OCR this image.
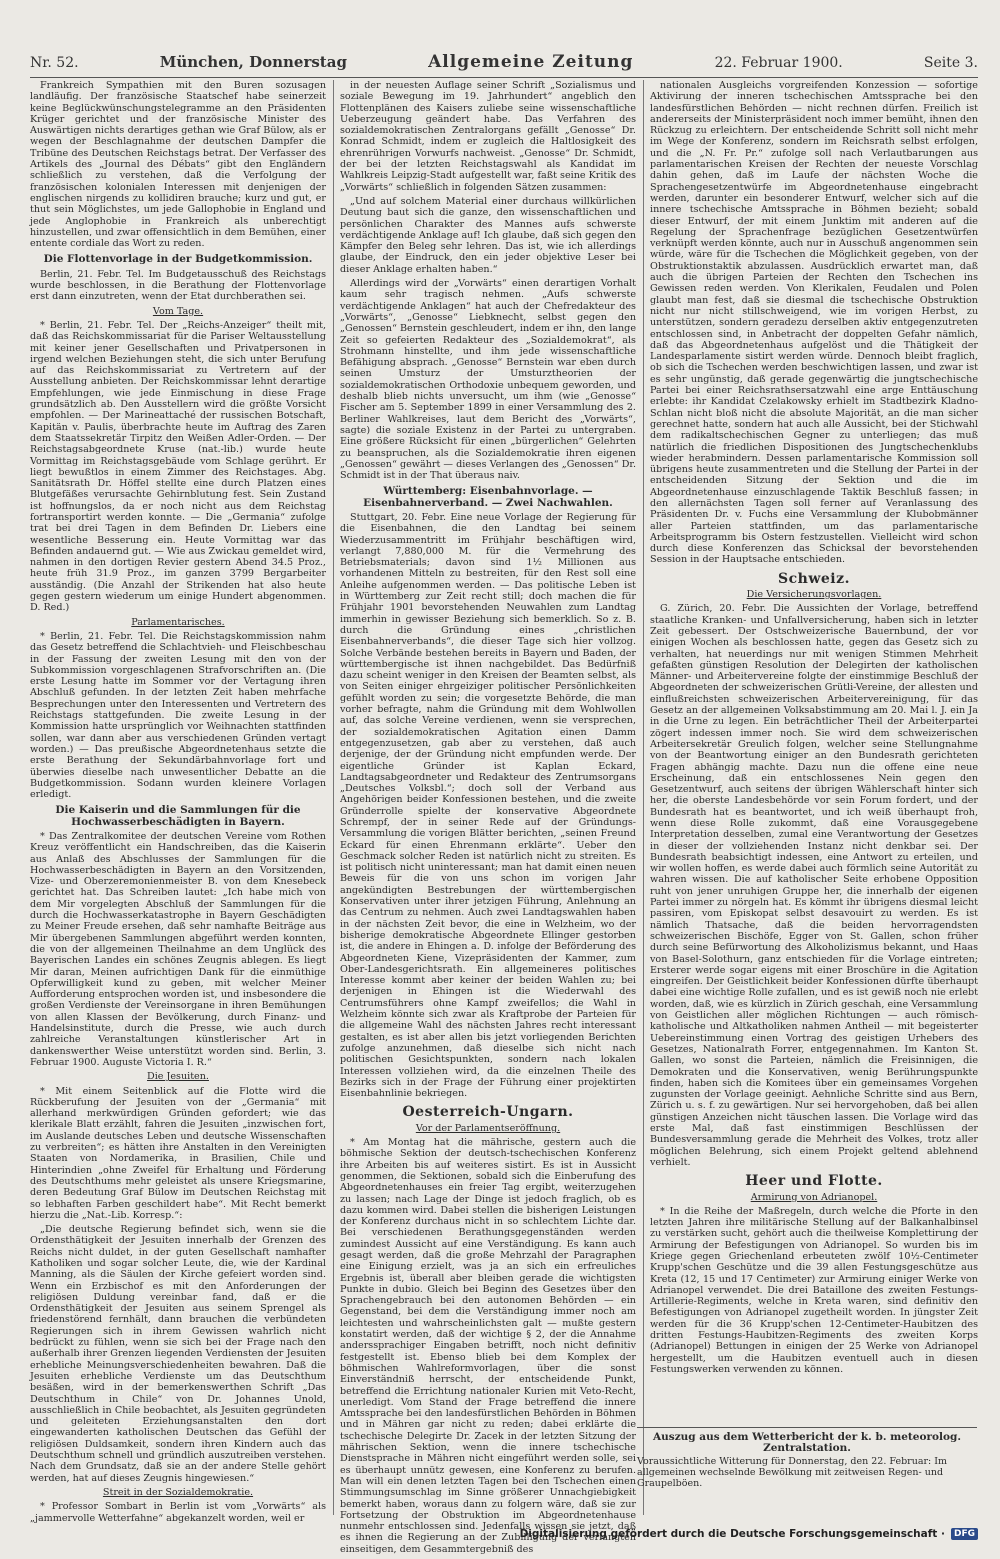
Nr. 52.	München, Donnerstag	Allgemeine Zeitung	22. Februar 1900.	Seite 3.

Frankreich Sympathien mit den Buren sozusagen landläufig. Der französische Staatschef habe seinerzeit keine Beglückwünschungstelegramme an den Präsidenten Krüger gerichtet und der französische Minister des Auswärtigen nichts derartiges gethan wie Graf Bülow, als er wegen der Beschlagnahme der deutschen Dampfer die Tribüne des Deutschen Reichstags betrat. Der Verfasser des Artikels des „Journal des Débats“ gibt den Engländern schließlich zu verstehen, daß die Verfolgung der französischen kolonialen Interessen mit denjenigen der englischen nirgends zu kollidiren brauche; kurz und gut, er thut sein Möglichstes, um jede Gallophobie in England und jede Anglophobie in Frankreich als unberechtigt hinzustellen, und zwar offensichtlich in dem Bemühen, einer entente cordiale das Wort zu reden.

Die Flottenvorlage in der Budgetkommission.

Berlin, 21. Febr. Tel. Im Budgetausschuß des Reichstags wurde beschlossen, in die Berathung der Flottenvorlage erst dann einzutreten, wenn der Etat durchberathen sei.

Vom Tage.

* Berlin, 21. Febr. Tel. Der „Reichs-Anzeiger“ theilt mit, daß das Reichskommissariat für die Pariser Weltausstellung mit keiner jener Gesellschaften und Privatpersonen in irgend welchen Beziehungen steht, die sich unter Berufung auf das Reichskommissariat zu Vertretern auf der Ausstellung anbieten. Der Reichskommissar lehnt derartige Empfehlungen, wie jede Einmischung in diese Frage grundsätzlich ab. Den Ausstellern wird die größte Vorsicht empfohlen. — Der Marineattaché der russischen Botschaft, Kapitän v. Paulis, überbrachte heute im Auftrag des Zaren dem Staatssekretär Tirpitz den Weißen Adler-Orden. — Der Reichstagsabgeordnete Kruse (nat.-lib.) wurde heute Vormittag im Reichstagsgebäude vom Schlage gerührt. Er liegt bewußtlos in einem Zimmer des Reichstages. Abg. Sanitätsrath Dr. Höffel stellte eine durch Platzen eines Blutgefäßes verursachte Gehirnblutung fest. Sein Zustand ist hoffnungslos, da er noch nicht aus dem Reichstag fortransportirt werden konnte. — Die „Germania“ zufolge trat bei drei Tagen in dem Befinden Dr. Liebers eine wesentliche Besserung ein. Heute Vormittag war das Befinden andauernd gut. — Wie aus Zwickau gemeldet wird, nahmen in den dortigen Revier gestern Abend 34.5 Proz., heute früh 31.9 Proz., im ganzen 3799 Bergarbeiter ausständig. (Die Anzahl der Strikenden hat also heute gegen gestern wiederum um einige Hundert abgenommen. D. Red.)

Parlamentarisches.

* Berlin, 21. Febr. Tel. Die Reichstagskommission nahm das Gesetz betreffend die Schlachtvieh- und Fleischbeschau in der Fassung der zweiten Lesung mit den von der Subkommission vorgeschlagenen Strafvorschriften an. (Die erste Lesung hatte im Sommer vor der Vertagung ihren Abschluß gefunden. In der letzten Zeit haben mehrfache Besprechungen unter den Interessenten und Vertretern des Reichstags stattgefunden. Die zweite Lesung in der Kommission hatte ursprünglich vor Weihnachten stattfinden sollen, war dann aber aus verschiedenen Gründen vertagt worden.) — Das preußische Abgeordnetenhaus setzte die erste Berathung der Sekundärbahnvorlage fort und überwies dieselbe nach unwesentlicher Debatte an die Budgetkommission. Sodann wurden kleinere Vorlagen erledigt.

Die Kaiserin und die Sammlungen für die Hochwasserbeschädigten in Bayern.

* Das Zentralkomitee der deutschen Vereine vom Rothen Kreuz veröffentlicht ein Handschreiben, das die Kaiserin aus Anlaß des Abschlusses der Sammlungen für die Hochwasserbeschädigten in Bayern an den Vorsitzenden, Vize- und Oberzeremonienmeister B. von dem Knesebeck gerichtet hat. Das Schreiben lautet: „Ich habe mich von dem Mir vorgelegten Abschluß der Sammlungen für die durch die Hochwasserkatastrophe in Bayern Geschädigten zu Meiner Freude ersehen, daß sehr namhafte Beiträge aus Mir übergebenen Sammlungen abgeführt werden konnten, die von der allgemeinen Theilnahme an dem Unglück des Bayerischen Landes ein schönes Zeugnis ablegen. Es liegt Mir daran, Meinen aufrichtigen Dank für die einmüthige Opferwilligkeit kund zu geben, mit welcher Meiner Aufforderung entsprochen worden ist, und insbesondere die großen Verdienste der Vereinsorgane in ihren Bemühungen von allen Klassen der Bevölkerung, durch Finanz- und Handelsinstitute, durch die Presse, wie auch durch zahlreiche Veranstaltungen künstlerischer Art in dankenswerther Weise unterstützt worden sind. Berlin, 3. Februar 1900. Auguste Victoria I. R.“

Die Jesuiten.

* Mit einem Seitenblick auf die Flotte wird die Rückberufung der Jesuiten von der „Germania“ mit allerhand merkwürdigen Gründen gefordert; wie das klerikale Blatt erzählt, fahren die Jesuiten „inzwischen fort, im Auslande deutsches Leben und deutsche Wissenschaften zu verbreiten“; es hätten ihre Anstalten in den Vereinigten Staaten von Nordamerika, in Brasilien, Chile und Hinterindien „ohne Zweifel für Erhaltung und Förderung des Deutschthums mehr geleistet als unsere Kriegsmarine, deren Bedeutung Graf Bülow im Deutschen Reichstag mit so lebhaften Farben geschildert habe“. Mit Recht bemerkt hierzu die „Nat.-Lib. Korresp.“:

„Die deutsche Regierung befindet sich, wenn sie die Ordensthätigkeit der Jesuiten innerhalb der Grenzen des Reichs nicht duldet, in der guten Gesellschaft namhafter Katholiken und sogar solcher Leute, die, wie der Kardinal Manning, als die Säulen der Kirche gefeiert worden sind. Wenn ein Erzbischof es mit den Anforderungen der religiösen Duldung vereinbar fand, daß er die Ordensthätigkeit der Jesuiten aus seinem Sprengel als friedenstörend fernhält, dann brauchen die verbündeten Regierungen sich in ihrem Gewissen wahrlich nicht bedrückt zu fühlen, wenn sie sich bei der Frage nach den außerhalb ihrer Grenzen liegenden Verdiensten der Jesuiten erhebliche Meinungsverschiedenheiten bewahren. Daß die Jesuiten erhebliche Verdienste um das Deutschthum besäßen, wird in der bemerkenswerthen Schrift „Das Deutschthum in Chile“ von Dr. Johannes Unold, ausschließlich in Chile beobachtet, als Jesuiten gegründeten und geleiteten Erziehungsanstalten den dort eingewanderten katholischen Deutschen das Gefühl der religiösen Duldsamkeit, sondern ihren Kindern auch das Deutschthum schnell und gründlich auszutreiben verstehen. Nach dem Grundsatz, daß sie an der andere Stelle gehört werden, hat auf dieses Zeugnis hingewiesen.“

Streit in der Sozialdemokratie.

* Professor Sombart in Berlin ist vom „Vorwärts“ als „jammervolle Wetterfahne“ abgekanzelt worden, weil er

in der neuesten Auflage seiner Schrift „Sozialismus und soziale Bewegung im 19. Jahrhundert“ angeblich den Flottenplänen des Kaisers zuliebe seine wissenschaftliche Ueberzeugung geändert habe. Das Verfahren des sozialdemokratischen Zentralorgans gefällt „Genosse“ Dr. Konrad Schmidt, indem er zugleich die Haltlosigkeit des ehrenrührigen Vorwurfs nachweist. „Genosse“ Dr. Schmidt, der bei der letzten Reichstagswahl als Kandidat im Wahlkreis Leipzig-Stadt aufgestellt war, faßt seine Kritik des „Vorwärts“ schließlich in folgenden Sätzen zusammen:

„Und auf solchem Material einer durchaus willkürlichen Deutung baut sich die ganze, den wissenschaftlichen und persönlichen Charakter des Mannes aufs schwerste verdächtigende Anklage auf! Ich glaube, daß sich gegen den Kämpfer den Beleg sehr lehren. Das ist, wie ich allerdings glaube, der Eindruck, den ein jeder objektive Leser bei dieser Anklage erhalten haben.“

Allerdings wird der „Vorwärts“ einen derartigen Vorhalt kaum sehr tragisch nehmen. „Aufs schwerste verdächtigende Anklagen“ hat auch der Chefredakteur des „Vorwärts“, „Genosse“ Liebknecht, selbst gegen den „Genossen“ Bernstein geschleudert, indem er ihn, den lange Zeit so gefeierten Redakteur des „Sozialdemokrat“, als Strohmann hinstellte, und ihm jede wissenschaftliche Befähigung absprach. „Genosse“ Bernstein war eben durch seinen Umsturz der Umsturztheorien der sozialdemokratischen Orthodoxie unbequem geworden, und deshalb blieb nichts unversucht, um ihm (wie „Genosse“ Fischer am 5. September 1899 in einer Versammlung des 2. Berliner Wahlkreises, laut dem Bericht des „Vorwärts“, sagte) die soziale Existenz in der Partei zu untergraben. Eine größere Rücksicht für einen „bürgerlichen“ Gelehrten zu beanspruchen, als die Sozialdemokratie ihren eigenen „Genossen“ gewährt — dieses Verlangen des „Genossen“ Dr. Schmidt ist in der That überaus naiv.

Württemberg: Eisenbahnvorlage. — Eisenbahnerverband. — Zwei Nachwahlen.

Stuttgart, 20. Febr. Eine neue Vorlage der Regierung für die Eisenbahnen, die den Landtag bei seinem Wiederzusammentritt im Frühjahr beschäftigen wird, verlangt 7,880,000 M. für die Vermehrung des Betriebsmaterials; davon sind 1½ Millionen aus vorhandenen Mitteln zu bestreiten, für den Rest soll eine Anleihe aufgenommen werden. — Das politische Leben ist in Württemberg zur Zeit recht still; doch machen die für Frühjahr 1901 bevorstehenden Neuwahlen zum Landtag immerhin in gewisser Beziehung sich bemerklich. So z. B. durch die Gründung eines „christlichen Eisenbahnerverbands“, die dieser Tage sich hier vollzog. Solche Verbände bestehen bereits in Bayern und Baden, der württembergische ist ihnen nachgebildet. Das Bedürfniß dazu scheint weniger in den Kreisen der Beamten selbst, als von Seiten einiger ehrgeiziger politischer Persönlichkeiten gefühlt worden zu sein; die vorgesetzte Behörde, die man vorher befragte, nahm die Gründung mit dem Wohlwollen auf, das solche Vereine verdienen, wenn sie versprechen, der sozialdemokratischen Agitation einen Damm entgegenzusetzen, gab aber zu verstehen, daß auch derjenige, der der Gründung nicht empfunden werde. Der eigentliche Gründer ist Kaplan Eckard, Landtagsabgeordneter und Redakteur des Zentrumsorgans „Deutsches Volksbl.“; doch soll der Verband aus Angehörigen beider Konfessionen bestehen, und die zweite Gründerrolle spielte der konservative Abgeordnete Schrempf, der in seiner Rede auf der Gründungs-Versammlung die vorigen Blätter berichten, „seinen Freund Eckard für einen Ehrenmann erklärte“. Ueber den Geschmack solcher Reden ist natürlich nicht zu streiten. Es ist politisch nicht uninteressant; man hat damit einen neuen Beweis für die von uns schon im vorigen Jahr angekündigten Bestrebungen der württembergischen Konservativen unter ihrer jetzigen Führung, Anlehnung an das Centrum zu nehmen. Auch zwei Landtagswahlen haben in der nächsten Zeit bevor, die eine in Welzheim, wo der bisherige demokratische Abgeordnete Ellinger gestorben ist, die andere in Ehingen a. D. infolge der Beförderung des Abgeordneten Kiene, Vizepräsidenten der Kammer, zum Ober-Landesgerichtsrath. Ein allgemeineres politisches Interesse kommt aber keiner der beiden Wahlen zu; bei derjenigen in Ehingen ist die Wiederwahl des Centrumsführers ohne Kampf zweifellos; die Wahl in Welzheim könnte sich zwar als Kraftprobe der Parteien für die allgemeine Wahl des nächsten Jahres recht interessant gestalten, es ist aber allen bis jetzt vorliegenden Berichten zufolge anzunehmen, daß dieselbe sich nicht nach politischen Gesichtspunkten, sondern nach lokalen Interessen vollziehen wird, da die einzelnen Theile des Bezirks sich in der Frage der Führung einer projektirten Eisenbahnlinie bekriegen.

Oesterreich-Ungarn.
Vor der Parlamentseröffnung.

* Am Montag hat die mährische, gestern auch die böhmische Sektion der deutsch-tschechischen Konferenz ihre Arbeiten bis auf weiteres sistirt. Es ist in Aussicht genommen, die Sektionen, sobald sich die Einberufung des Abgeordnetenhauses ein freier Tag ergibt, weiterzugehen zu lassen; nach Lage der Dinge ist jedoch fraglich, ob es dazu kommen wird. Dabei stellen die bisherigen Leistungen der Konferenz durchaus nicht in so schlechtem Lichte dar. Bei verschiedenen Berathungsgegenständen werden zumindest Aussicht auf eine Verständigung. Es kann auch gesagt werden, daß die große Mehrzahl der Paragraphen eine Einigung erzielt, was ja an sich ein erfreuliches Ergebnis ist, überall aber bleiben gerade die wichtigsten Punkte in dubio. Gleich bei Beginn des Gesetzes über den Sprachengebrauch bei den autonomen Behörden — ein Gegenstand, bei dem die Verständigung immer noch am leichtesten und wahrscheinlichsten galt — mußte gestern konstatirt werden, daß der wichtige § 2, der die Annahme anderssprachiger Eingaben betrifft, noch nicht definitiv festgestellt ist. Ebenso blieb bei dem Komplex der böhmischen Wahlreformvorlagen, über die sonst Einverständniß herrscht, der entscheidende Punkt, betreffend die Errichtung nationaler Kurien mit Veto-Recht, unerledigt. Vom Stand der Frage betreffend die innere Amtssprache bei den landesfürstlichen Behörden in Böhmen und in Mähren gar nicht zu reden; dabei erklärte die tschechische Delegirte Dr. Zacek in der letzten Sitzung der mährischen Sektion, wenn die innere tschechische Dienstsprache in Mähren nicht eingeführt werden solle, sei es überhaupt unnütz gewesen, eine Konferenz zu berufen. Man will ein denen letzten Tagen bei den Tschechen einen Stimmungsumschlag im Sinne größerer Unnachgiebigkeit bemerkt haben, woraus dann zu folgern wäre, daß sie zur Fortsetzung der Obstruktion im Abgeordnetenhause nunmehr entschlossen sind. Jedenfalls wissen sie jetzt, daß es ihnen die Regierung an der Zubilligung der verlangten einseitigen, dem Gesammtergebniß des

nationalen Ausgleichs vorgreifenden Konzession — sofortige Aktivirung der inneren tschechischen Amtssprache bei den landesfürstlichen Behörden — nicht rechnen dürfen. Freilich ist andererseits der Ministerpräsident noch immer bemüht, ihnen den Rückzug zu erleichtern. Der entscheidende Schritt soll nicht mehr im Wege der Konferenz, sondern im Reichsrath selbst erfolgen, und die „N. Fr. Pr.“ zufolge soll nach Verlautbarungen aus parlamentarischen Kreisen der Rechten der neueste Vorschlag dahin gehen, daß im Laufe der nächsten Woche die Sprachengesetzentwürfe im Abgeordnetenhause eingebracht werden, darunter ein besonderer Entwurf, welcher sich auf die innere tschechische Amtssprache in Böhmen bezieht; sobald dieser Entwurf, der mit einem Junktim mit anderen auf die Regelung der Sprachenfrage bezüglichen Gesetzentwürfen verknüpft werden könnte, auch nur in Ausschuß angenommen sein würde, wäre für die Tschechen die Möglichkeit gegeben, von der Obstruktionstaktik abzulassen. Ausdrücklich erwartet man, daß auch die übrigen Parteien der Rechten den Tschechen ins Gewissen reden werden. Von Klerikalen, Feudalen und Polen glaubt man fest, daß sie diesmal die tschechische Obstruktion nicht nur nicht stillschweigend, wie im vorigen Herbst, zu unterstützen, sondern geradezu derselben aktiv entgegenzutreten entschlossen sind, in Anbetracht der doppelten Gefahr nämlich, daß das Abgeordnetenhaus aufgelöst und die Thätigkeit der Landesparlamente sistirt werden würde. Dennoch bleibt fraglich, ob sich die Tschechen werden beschwichtigen lassen, und zwar ist es sehr ungünstig, daß gerade gegenwärtig die jungtschechische Partei bei einer Reichsrathsersatzwahl eine arge Enttäuschung erlebte: ihr Kandidat Czelakowsky erhielt im Stadtbezirk Kladno-Schlan nicht bloß nicht die absolute Majorität, an die man sicher gerechnet hatte, sondern hat auch alle Aussicht, bei der Stichwahl dem radikaltschechischen Gegner zu unterliegen; das muß natürlich die friedlichen Dispositionen des Jungtschechenklubs wieder herabmindern. Dessen parlamentarische Kommission soll übrigens heute zusammentreten und die Stellung der Partei in der entscheidenden Sitzung der Sektion und die im Abgeordnetenhause einzuschlagende Taktik Beschluß fassen; in den allernächsten Tagen soll ferner auf Veranlassung des Präsidenten Dr. v. Fuchs eine Versammlung der Klubobmänner aller Parteien stattfinden, um das parlamentarische Arbeitsprogramm bis Ostern festzustellen. Vielleicht wird schon durch diese Konferenzen das Schicksal der bevorstehenden Session in der Hauptsache entschieden.

Schweiz.
Die Versicherungsvorlagen.

G. Zürich, 20. Febr. Die Aussichten der Vorlage, betreffend staatliche Kranken- und Unfallversicherung, haben sich in letzter Zeit gebessert. Der Ostschweizerische Bauernbund, der vor einigen Wochen als beschlossen hatte, gegen das Gesetz sich zu verhalten, hat neuerdings nur mit wenigen Stimmen Mehrheit gefaßten günstigen Resolution der Delegirten der katholischen Männer- und Arbeitervereine folgte der einstimmige Beschluß der Abgeordneten der schweizerischen Grütli-Vereine, der allesten und einflußreichsten schweizerischen Arbeitervereinigung, für das Gesetz an der allgemeinen Volksabstimmung am 20. Mai l. J. ein Ja in die Urne zu legen. Ein beträchtlicher Theil der Arbeiterpartei zögert indessen immer noch. Sie wird dem schweizerischen Arbeitersekretär Greulich folgen, welcher seine Stellungnahme von der Beantwortung einiger an den Bundesrath gerichteten Fragen abhängig machte. Dazu nun die offene eine neue Erscheinung, daß ein entschlossenes Nein gegen den Gesetzentwurf, auch seitens der übrigen Wählerschaft hinter sich her, die oberste Landesbehörde vor sein Forum fordert, und der Bundesrath hat es beantwortet, und ich weiß überhaupt froh, wenn diese Rolle zukommt, daß eine Vorausgegebene Interpretation desselben, zumal eine Verantwortung der Gesetzes in dieser der vollziehenden Instanz nicht denkbar sei. Der Bundesrath beabsichtigt indessen, eine Antwort zu erteilen, und wir wollen hoffen, es werde dabei auch förmlich seine Autorität zu wahren wissen. Die auf katholischer Seite erhobene Opposition ruht von jener unruhigen Gruppe her, die innerhalb der eigenen Partei immer zu nörgeln hat. Es kömmt ihr übrigens diesmal leicht passiren, vom Episkopat selbst desavouirt zu werden. Es ist nämlich Thatsache, daß die beiden hervorragendsten schweizerischen Bischöfe, Egger von St. Gallen, schon früher durch seine Befürwortung des Alkoholizismus bekannt, und Haas von Basel-Solothurn, ganz entschieden für die Vorlage eintreten; Ersterer werde sogar eigens mit einer Broschüre in die Agitation eingreifen. Der Geistlichkeit beider Konfessionen dürfte überhaupt dabei eine wichtige Rolle zufallen, und es ist gewiß noch nie erlebt worden, daß, wie es kürzlich in Zürich geschah, eine Versammlung von Geistlichen aller möglichen Richtungen — auch römisch-katholische und Altkatholiken nahmen Antheil — mit begeisterter Uebereinstimmung einen Vortrag des geistigen Urhebers des Gesetzes, Nationalrath Forrer, entgegennahmen. Im Kanton St. Gallen, wo sonst die Parteien, nämlich die Freisinnigen, die Demokraten und die Konservativen, wenig Berührungspunkte finden, haben sich die Komitees über ein gemeinsames Vorgehen zugunsten der Vorlage geeinigt. Aehnliche Schritte sind aus Bern, Zürich u. s. f. zu gewärtigen. Nur sei hervorgehoben, daß bei allen günstigen Anzeichen nicht täuschen lassen. Die Vorlage wird das erste Mal, daß fast einstimmigen Beschlüssen der Bundesversammlung gerade die Mehrheit des Volkes, trotz aller möglichen Belehrung, sich einem Projekt geltend ablehnend verhielt.

Heer und Flotte.
Armirung von Adrianopel.

* In die Reihe der Maßregeln, durch welche die Pforte in den letzten Jahren ihre militärische Stellung auf der Balkanhalbinsel zu verstärken sucht, gehört auch die theilweise Komplettirung der Armirung der Befestigungen von Adrianopel. So wurden bis im Kriege gegen Griechenland erbeuteten zwölf 10½-Centimeter Krupp'schen Geschütze und die 39 allen Festungsgeschütze aus Kreta (12, 15 und 17 Centimeter) zur Armirung einiger Werke von Adrianopel verwendet. Die drei Bataillone des zweiten Festungs-Artillerie-Regiments, welche in Kreta waren, sind definitiv den Befestigungen von Adrianopel zugetheilt worden. In jüngster Zeit werden für die 36 Krupp'schen 12-Centimeter-Haubitzen des dritten Festungs-Haubitzen-Regiments des zweiten Korps (Adrianopel) Bettungen in einigen der 25 Werke von Adrianopel hergestellt, um die Haubitzen eventuell auch in diesen Festungswerken verwenden zu können.

Auszug aus dem Wetterbericht der k. b. meteorolog. Zentralstation.
Voraussichtliche Witterung für Donnerstag, den 22. Februar: Im allgemeinen wechselnde Bewölkung mit zeitweisen Regen- und Graupelböen.
Digitalisierung gefördert durch die Deutsche Forschungsgemeinschaft ·	DFG
